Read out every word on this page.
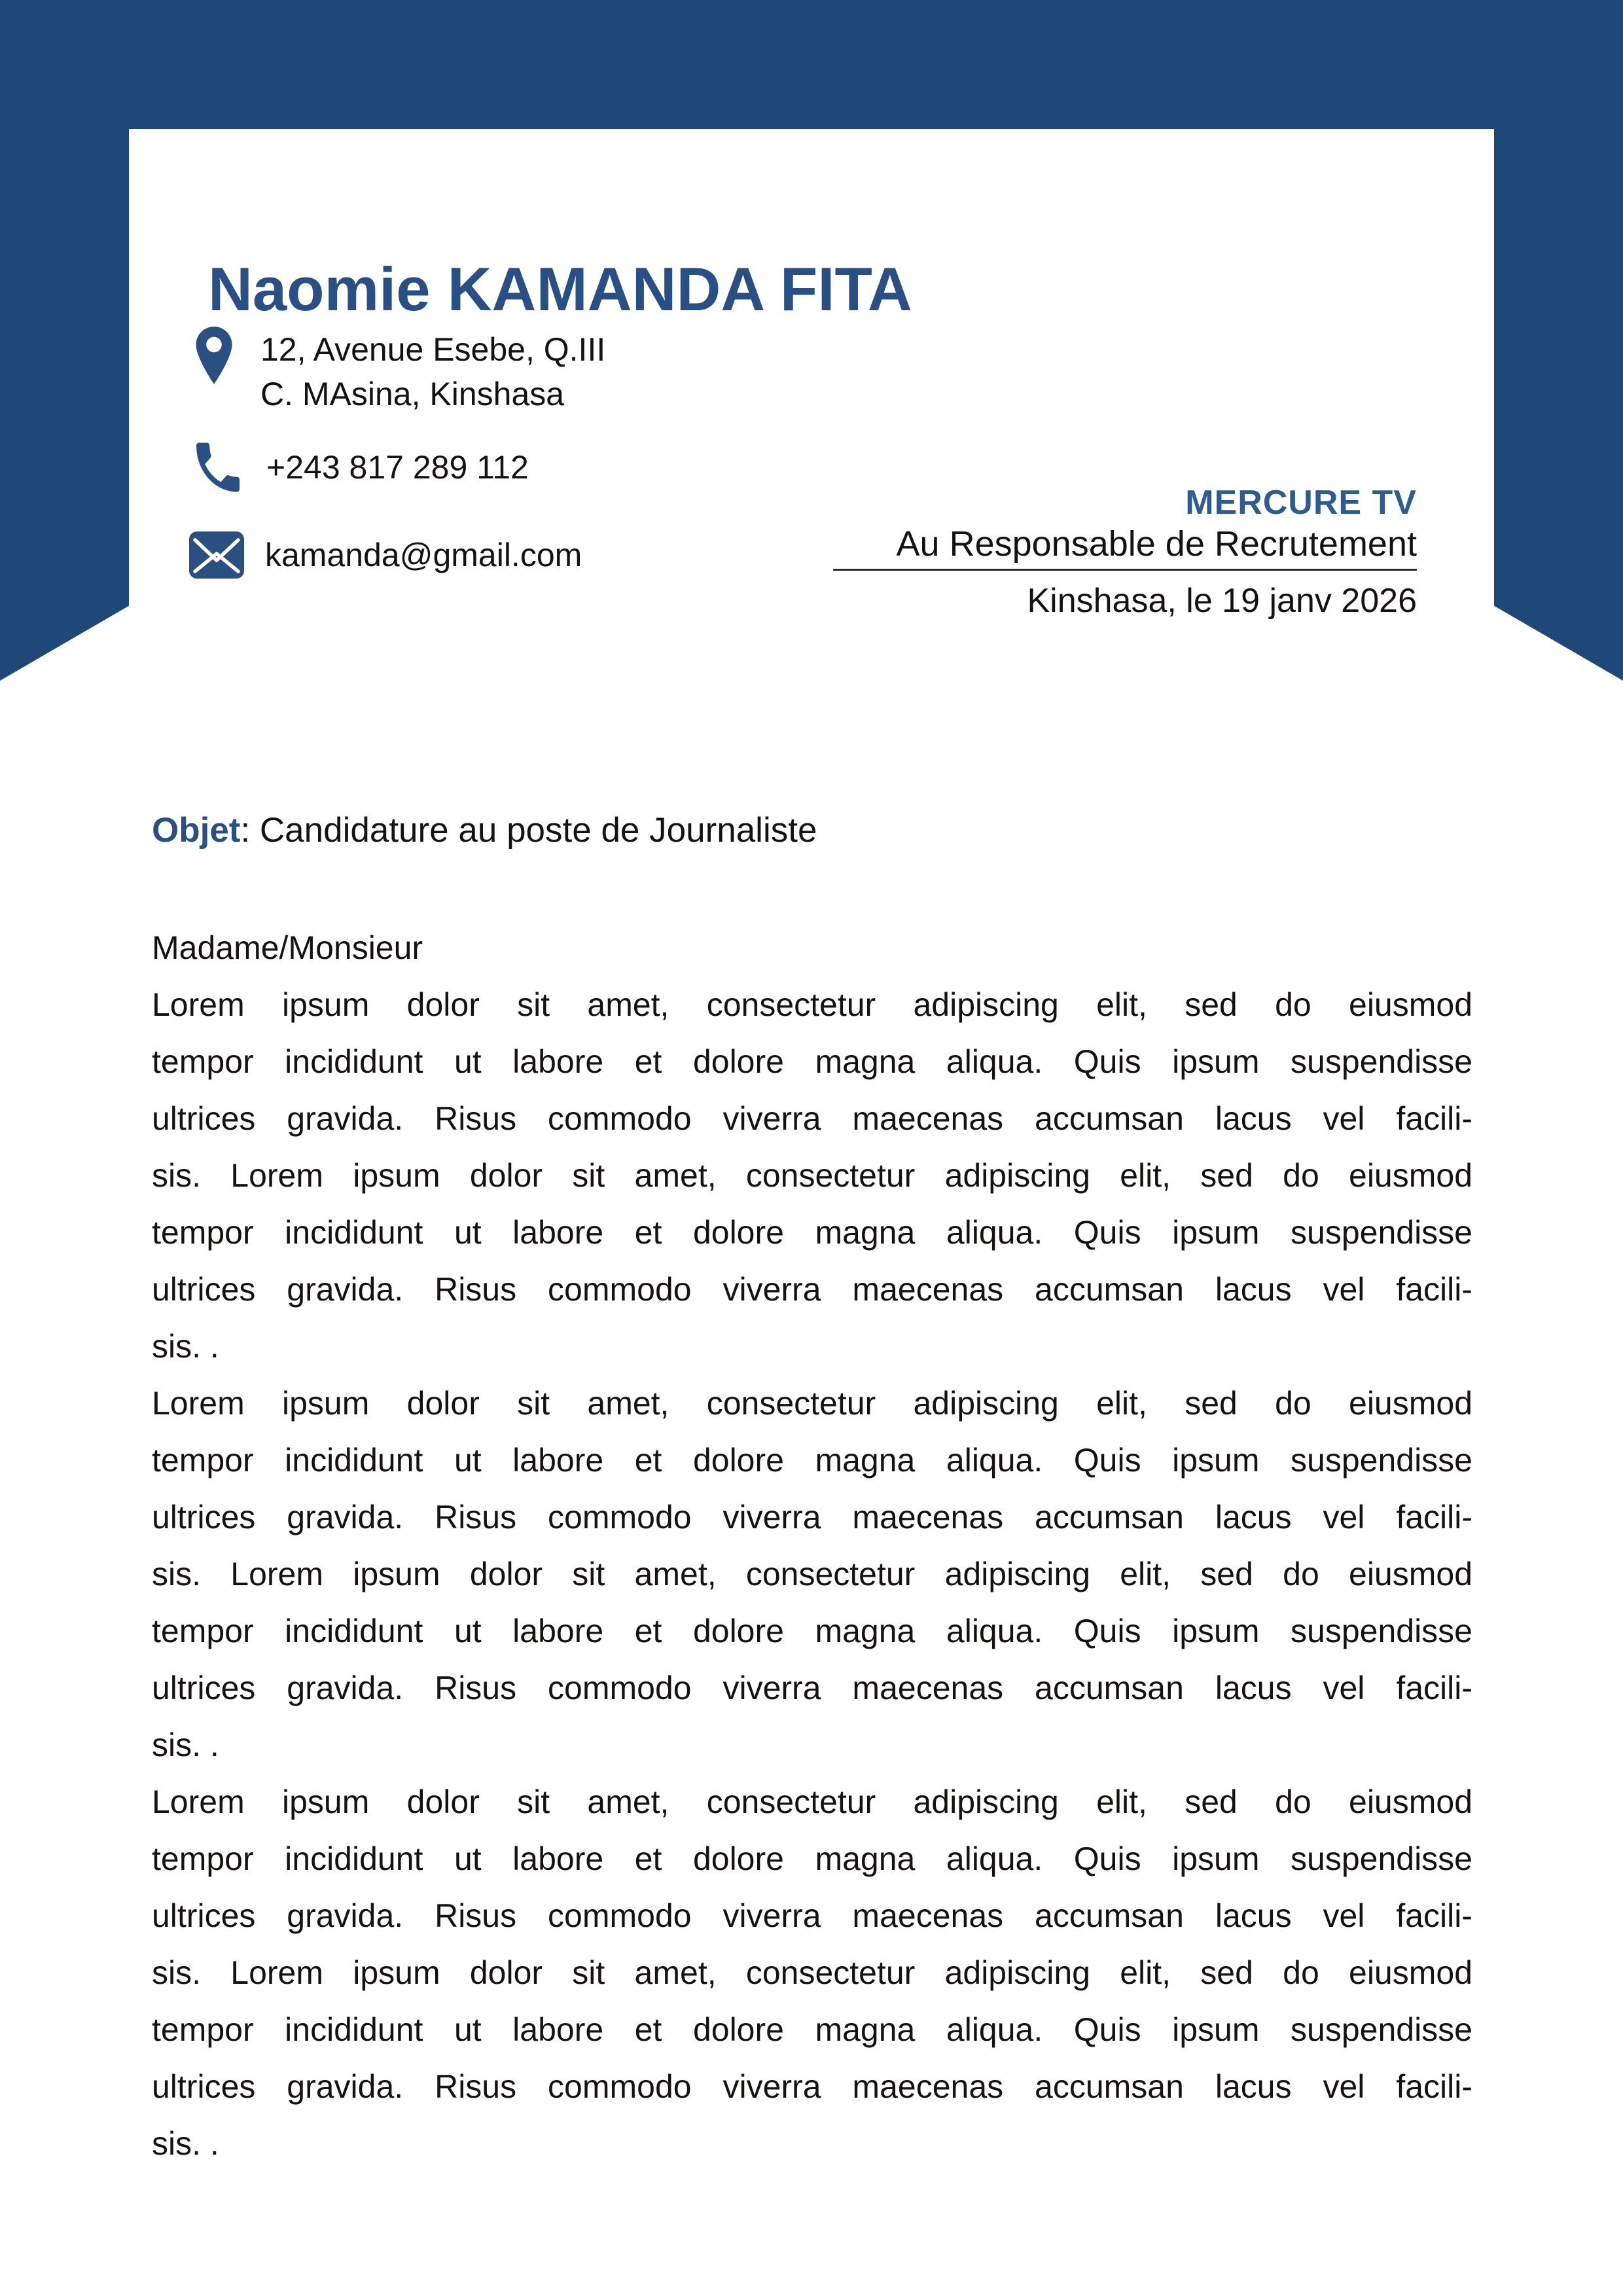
Naomie KAMANDA FITA
12, Avenue Esebe, Q.III
C. MAsina, Kinshasa
+243 817 289 112
kamanda@gmail.com
MERCURE TV
Au Responsable de Recrutement
Kinshasa, le 19 janv 2026
Objet: Candidature au poste de Journaliste
Madame/Monsieur
Lorem ipsum dolor sit amet, consectetur adipiscing elit, sed do eiusmod
tempor incididunt ut labore et dolore magna aliqua. Quis ipsum suspendisse
ultrices gravida. Risus commodo viverra maecenas accumsan lacus vel facili-
sis. Lorem ipsum dolor sit amet, consectetur adipiscing elit, sed do eiusmod
tempor incididunt ut labore et dolore magna aliqua. Quis ipsum suspendisse
ultrices gravida. Risus commodo viverra maecenas accumsan lacus vel facili-
sis. .
Lorem ipsum dolor sit amet, consectetur adipiscing elit, sed do eiusmod
tempor incididunt ut labore et dolore magna aliqua. Quis ipsum suspendisse
ultrices gravida. Risus commodo viverra maecenas accumsan lacus vel facili-
sis. Lorem ipsum dolor sit amet, consectetur adipiscing elit, sed do eiusmod
tempor incididunt ut labore et dolore magna aliqua. Quis ipsum suspendisse
ultrices gravida. Risus commodo viverra maecenas accumsan lacus vel facili-
sis. .
Lorem ipsum dolor sit amet, consectetur adipiscing elit, sed do eiusmod
tempor incididunt ut labore et dolore magna aliqua. Quis ipsum suspendisse
ultrices gravida. Risus commodo viverra maecenas accumsan lacus vel facili-
sis. Lorem ipsum dolor sit amet, consectetur adipiscing elit, sed do eiusmod
tempor incididunt ut labore et dolore magna aliqua. Quis ipsum suspendisse
ultrices gravida. Risus commodo viverra maecenas accumsan lacus vel facili-
sis. .
